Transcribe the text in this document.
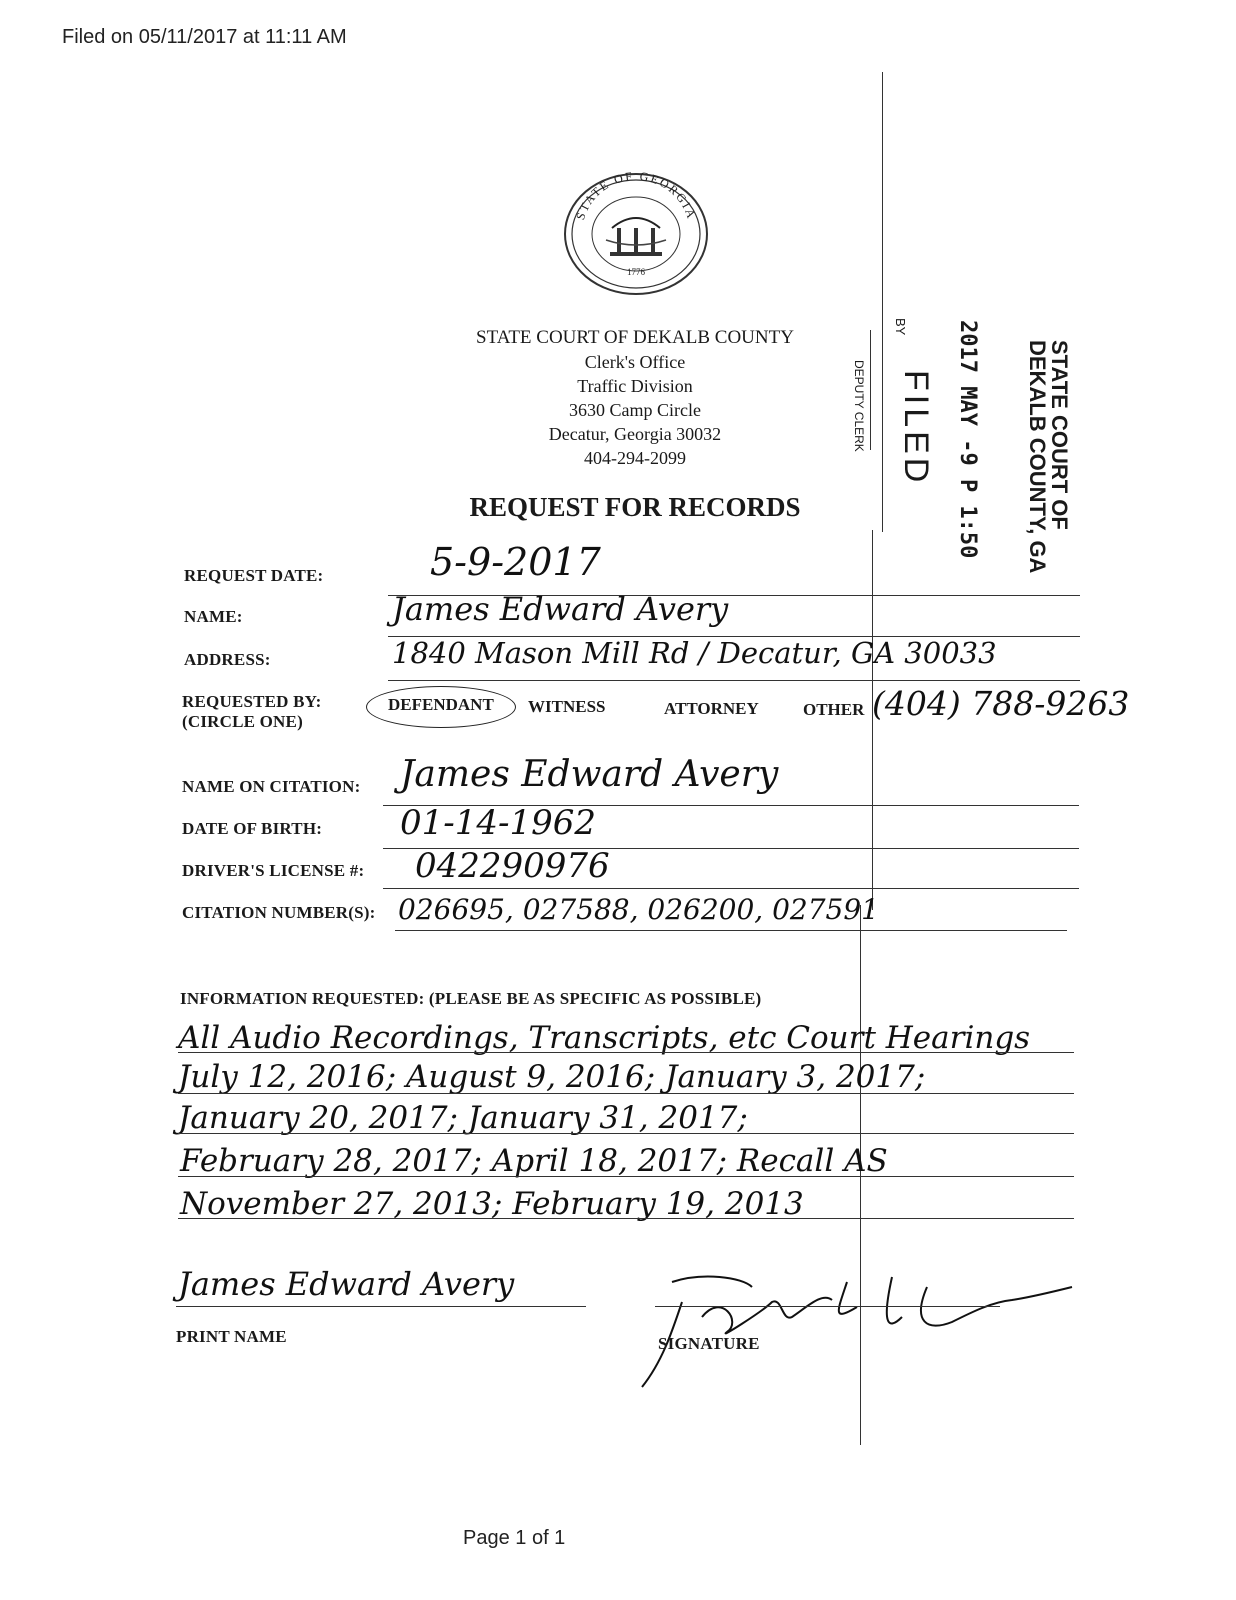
Filed on 05/11/2017 at 11:11 AM
STATE OF GEORGIA
1776
STATE COURT OF DEKALB COUNTY
Clerk's Office
Traffic Division
3630 Camp Circle
Decatur, Georgia 30032
404-294-2099
REQUEST FOR RECORDS	STATE COURT OF
DEKALB COUNTY, GA
2017 MAY -9 P 1:50
FILED
BY
DEPUTY CLERK
REQUEST DATE:	5-9-2017
NAME:	James Edward Avery
ADDRESS:	1840 Mason Mill Rd / Decatur, GA 30033
REQUESTED BY:
(CIRCLE ONE)
DEFENDANT WITNESS	ATTORNEY	OTHER (404) 788-9263
NAME ON CITATION: James Edward Avery
DATE OF BIRTH: 01-14-1962
DRIVER'S LICENSE #: 042290976
CITATION NUMBER(S): 026695, 027588, 026200, 027591
INFORMATION REQUESTED: (PLEASE BE AS SPECIFIC AS POSSIBLE)
All Audio Recordings, Transcripts, etc Court Hearings
July 12, 2016; August 9, 2016; January 3, 2017;
January 20, 2017; January 31, 2017;
February 28, 2017; April 18, 2017; Recall AS
November 27, 2013; February 19, 2013
James Edward Avery
PRINT NAME	SIGNATURE
Page 1 of 1
